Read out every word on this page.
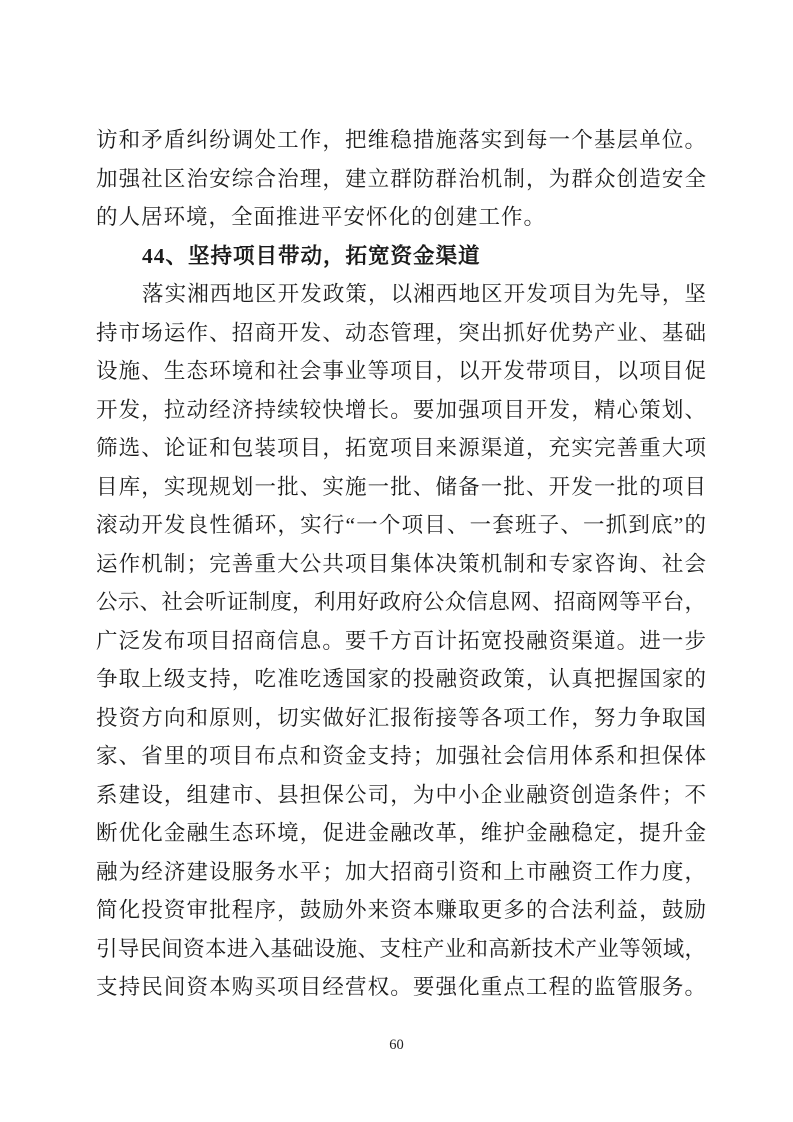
访和矛盾纠纷调处工作，把维稳措施落实到每一个基层单位。
加强社区治安综合治理，建立群防群治机制，为群众创造安全
的人居环境，全面推进平安怀化的创建工作。
44、坚持项目带动，拓宽资金渠道
落实湘西地区开发政策，以湘西地区开发项目为先导，坚
持市场运作、招商开发、动态管理，突出抓好优势产业、基础
设施、生态环境和社会事业等项目，以开发带项目，以项目促
开发，拉动经济持续较快增长。要加强项目开发，精心策划、
筛选、论证和包装项目，拓宽项目来源渠道，充实完善重大项
目库，实现规划一批、实施一批、储备一批、开发一批的项目
滚动开发良性循环，实行“一个项目、一套班子、一抓到底”的
运作机制；完善重大公共项目集体决策机制和专家咨询、社会
公示、社会听证制度，利用好政府公众信息网、招商网等平台，
广泛发布项目招商信息。要千方百计拓宽投融资渠道。进一步
争取上级支持，吃准吃透国家的投融资政策，认真把握国家的
投资方向和原则，切实做好汇报衔接等各项工作，努力争取国
家、省里的项目布点和资金支持；加强社会信用体系和担保体
系建设，组建市、县担保公司，为中小企业融资创造条件；不
断优化金融生态环境，促进金融改革，维护金融稳定，提升金
融为经济建设服务水平；加大招商引资和上市融资工作力度，
简化投资审批程序，鼓励外来资本赚取更多的合法利益，鼓励
引导民间资本进入基础设施、支柱产业和高新技术产业等领域，
支持民间资本购买项目经营权。要强化重点工程的监管服务。
60
